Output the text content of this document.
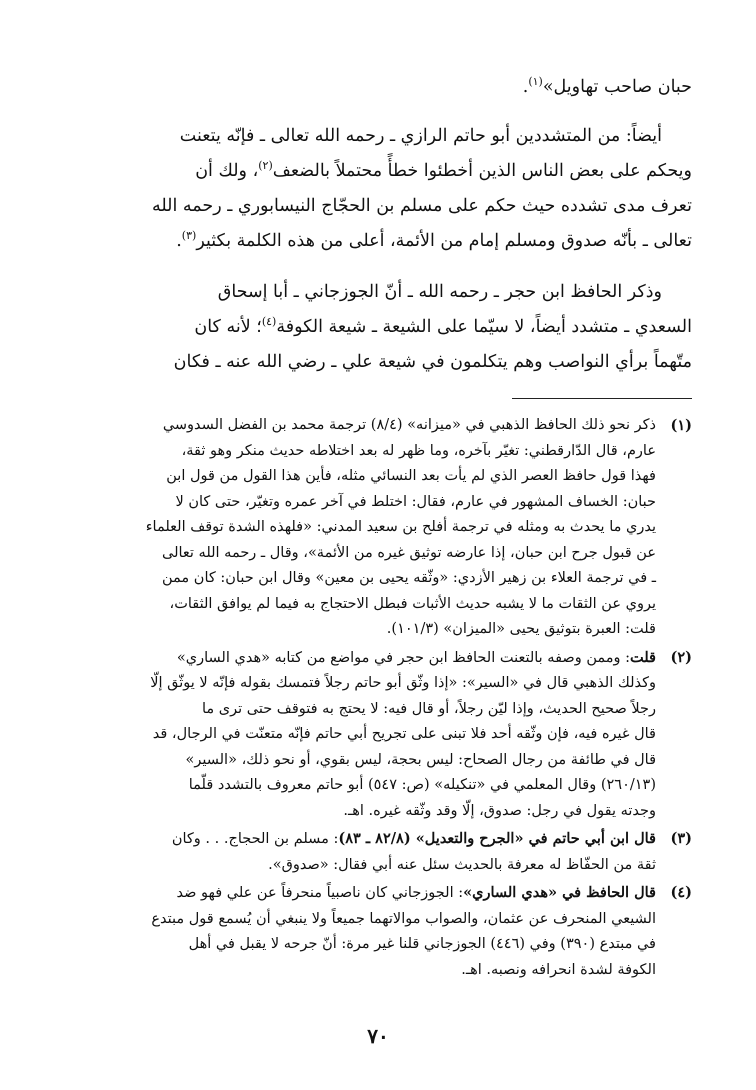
حبان صاحب تهاويل»$^{(١)}$.

أيضاً: من المتشددين أبو حاتم الرازي ـ رحمه الله تعالى ـ فإنّه يتعنت
ويحكم على بعض الناس الذين أخطئوا خطأً محتملاً بالضعف$^{(٢)}$، ولك أن
تعرف مدى تشدده حيث حكم على مسلم بن الحجّاج النيسابوري ـ رحمه الله
تعالى ـ بأنّه صدوق ومسلم إمام من الأئمة، أعلى من هذه الكلمة بكثير$^{(٣)}$.

وذكر الحافظ ابن حجر ـ رحمه الله ـ أنّ الجوزجاني ـ أبا إسحاق
السعدي ـ متشدد أيضاً، لا سيّما على الشيعة ـ شيعة الكوفة$^{(٤)}$؛ لأنه كان
متّهماً برأي النواصب وهم يتكلمون في شيعة علي ـ رضي الله عنه ـ فكان

(١)
ذكر نحو ذلك الحافظ الذهبي في «ميزانه» (٨/٤) ترجمة محمد بن الفضل السدوسي
عارم، قال الدّارقطني: تغيّر بآخره، وما ظهر له بعد اختلاطه حديث منكر وهو ثقة،
فهذا قول حافظ العصر الذي لم يأت بعد النسائي مثله، فأين هذا القول من قول ابن
حبان: الخساف المشهور في عارم، فقال: اختلط في آخر عمره وتغيّر، حتى كان لا
يدري ما يحدث به ومثله في ترجمة أفلح بن سعيد المدني: «فلهذه الشدة توقف العلماء
عن قبول جرح ابن حبان، إذا عارضه توثيق غيره من الأئمة»، وقال ـ رحمه الله تعالى
ـ في ترجمة العلاء بن زهير الأزدي: «وثّقه يحيى بن معين» وقال ابن حبان: كان ممن
يروي عن الثقات ما لا يشبه حديث الأثبات فبطل الاحتجاج به فيما لم يوافق الثقات،
قلت: العبرة بتوثيق يحيى «الميزان» (١٠١/٣).
(٢)
قلت: وممن وصفه بالتعنت الحافظ ابن حجر في مواضع من كتابه «هدي الساري»
وكذلك الذهبي قال في «السير»: «إذا وثّق أبو حاتم رجلاً فتمسك بقوله فإنّه لا يوثّق إلّا
رجلاً صحيح الحديث، وإذا ليّن رجلاً، أو قال فيه: لا يحتج به فتوقف حتى ترى ما
قال غيره فيه، فإن وثّقه أحد فلا تبنى على تجريح أبي حاتم فإنّه متعنّت في الرجال، قد
قال في طائفة من رجال الصحاح: ليس بحجة، ليس بقوي، أو نحو ذلك، «السير»
(٢٦٠/١٣) وقال المعلمي في «تنكيله» (ص: ٥٤٧) أبو حاتم معروف بالتشدد قلّما
وجدته يقول في رجل: صدوق، إلّا وقد وثّقه غيره. اهـ.
(٣)
قال ابن أبي حاتم في «الجرح والتعديل» (٨٢/٨ ـ ٨٣): مسلم بن الحجاج. . . وكان
ثقة من الحفّاظ له معرفة بالحديث سئل عنه أبي فقال: «صدوق».
(٤)
قال الحافظ في «هدي الساري»: الجوزجاني كان ناصبياً منحرفاً عن علي فهو ضد
الشيعي المنحرف عن عثمان، والصواب موالاتهما جميعاً ولا ينبغي أن يُسمع قول مبتدع
في مبتدع (٣٩٠) وفي (٤٤٦) الجوزجاني قلنا غير مرة: أنّ جرحه لا يقبل في أهل
الكوفة لشدة انحرافه ونصبه. اهـ.
٧٠
